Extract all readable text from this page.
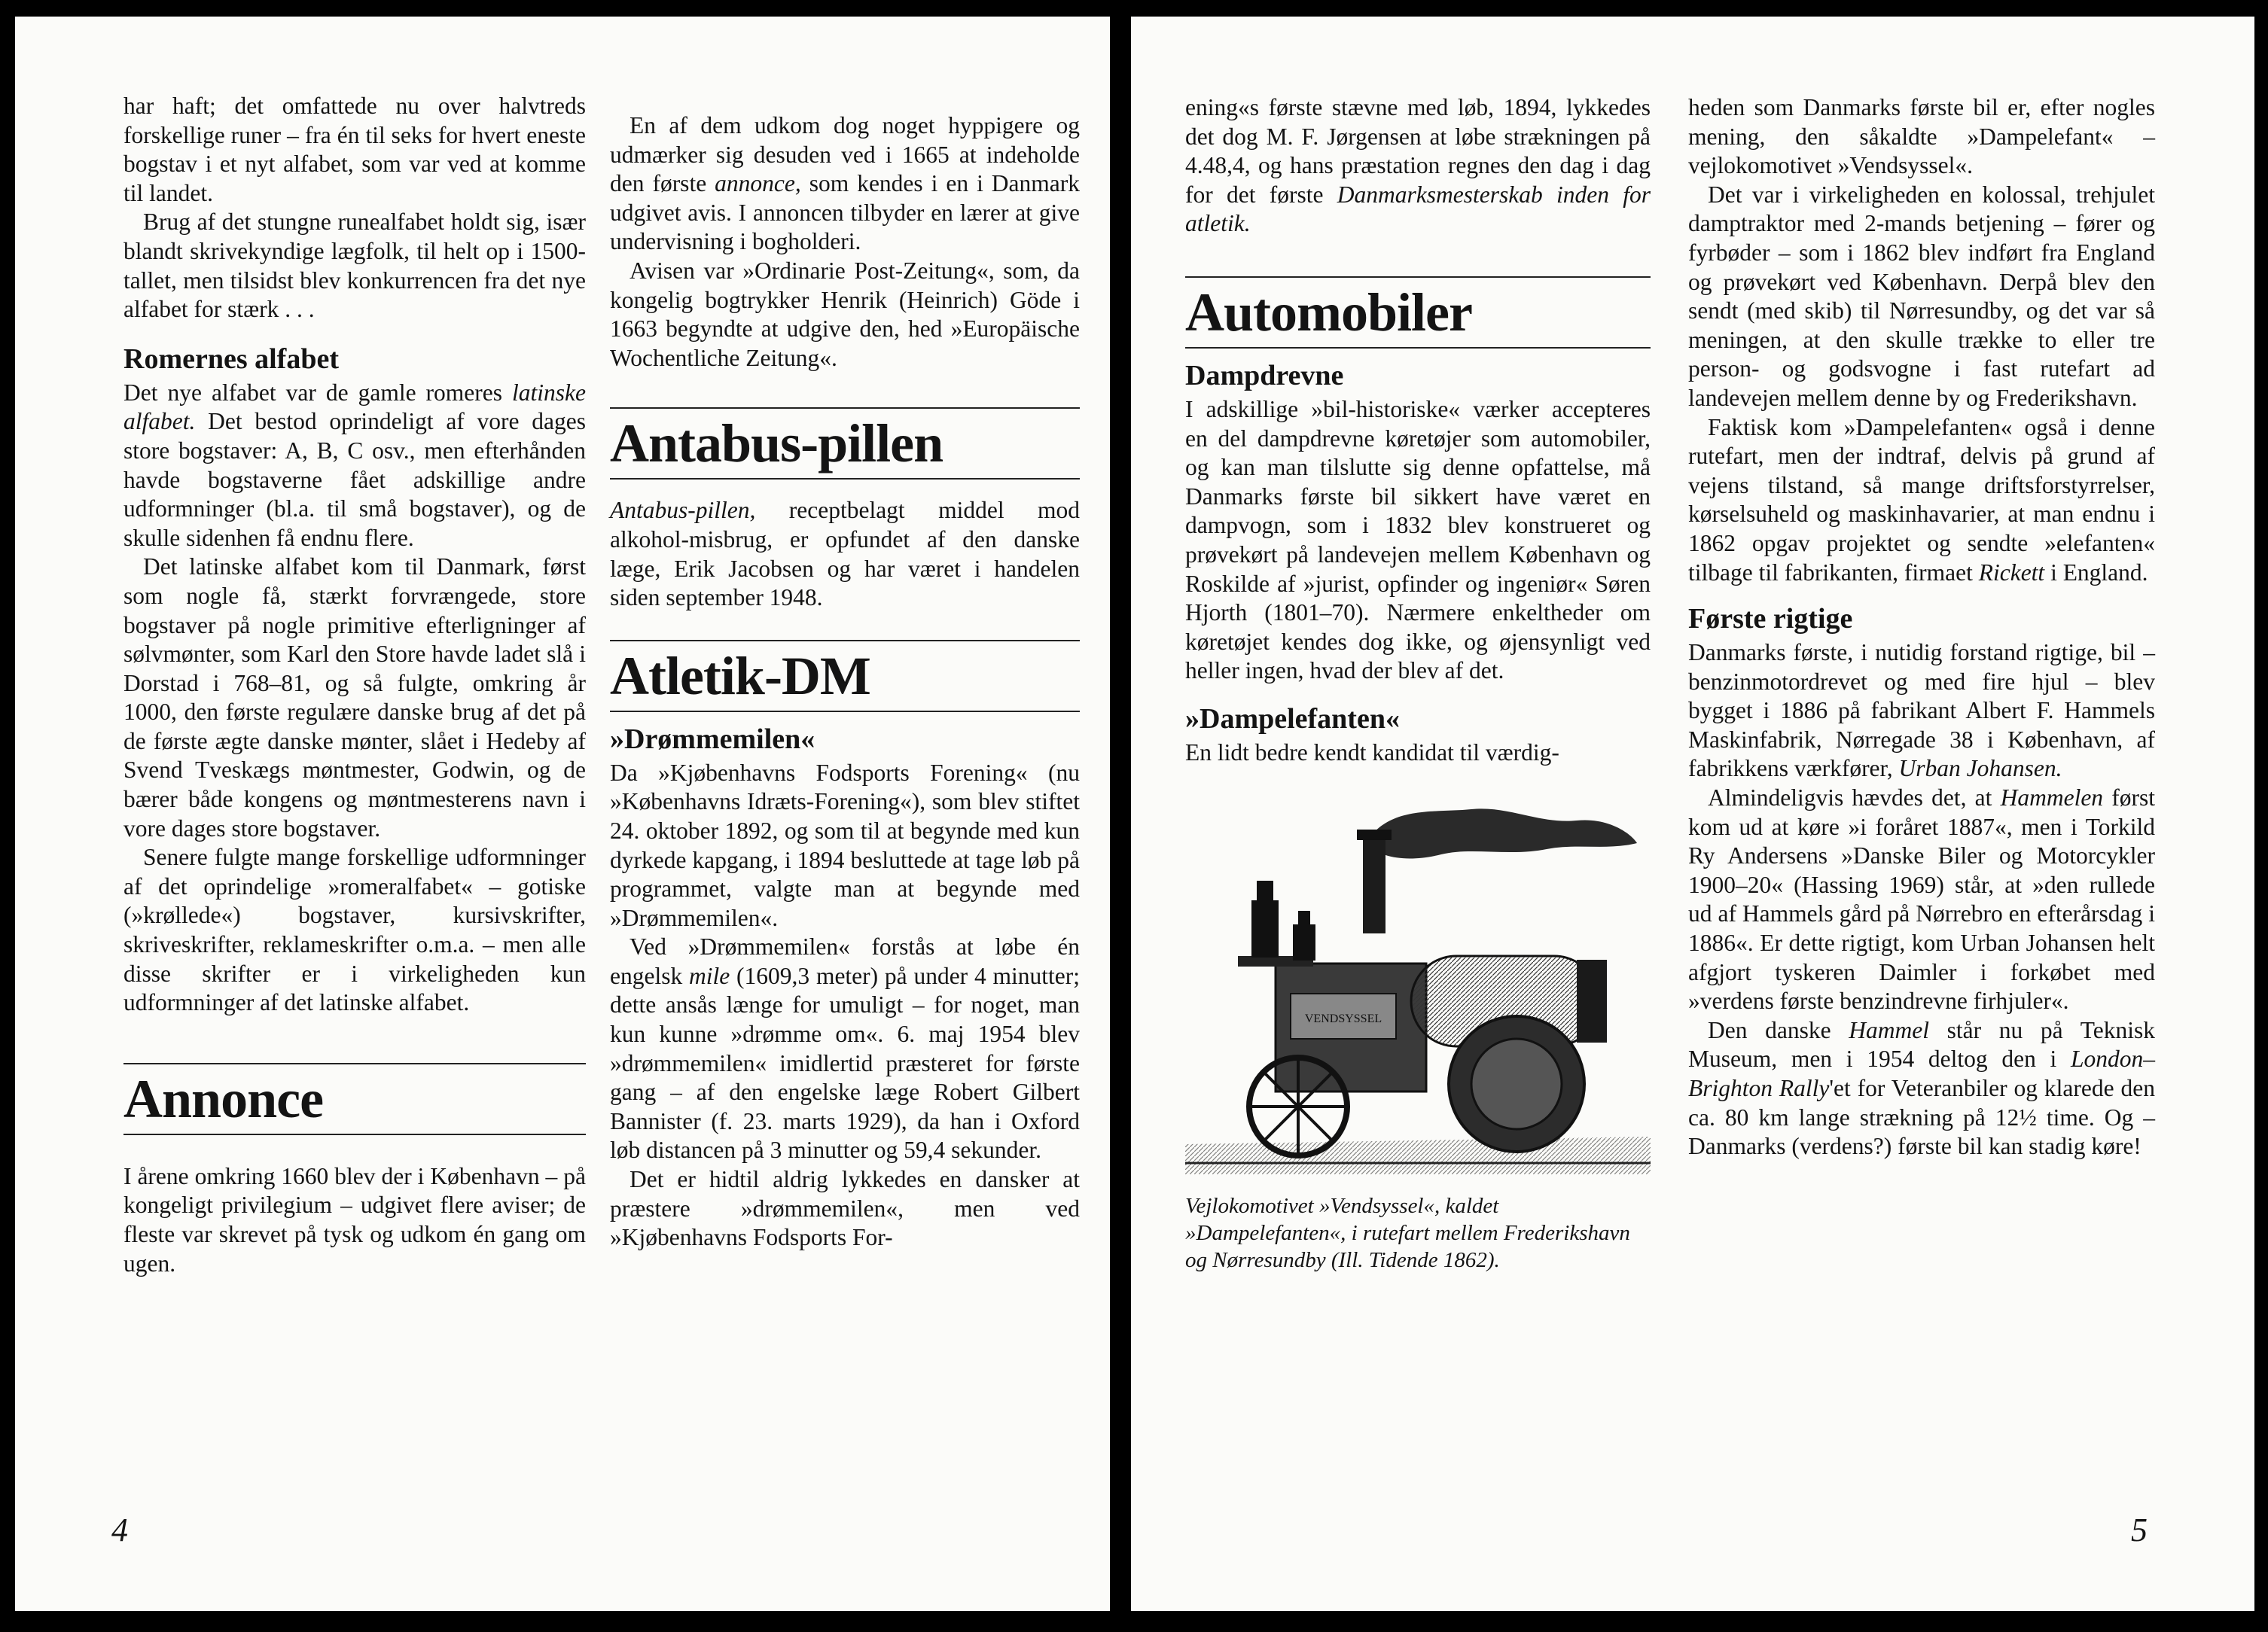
har haft; det omfattede nu over halvtreds forskellige runer – fra én til seks for hvert eneste bogstav i et nyt alfabet, som var ved at komme til landet.

Brug af det stungne runealfabet holdt sig, især blandt skrivekyndige lægfolk, til helt op i 1500-tallet, men tilsidst blev konkurrencen fra det nye alfabet for stærk . . .

Romernes alfabet

Det nye alfabet var de gamle romeres latinske alfabet. Det bestod oprindeligt af vore dages store bogstaver: A, B, C osv., men efterhånden havde bogstaverne fået adskillige andre udformninger (bl.a. til små bogstaver), og de skulle sidenhen få endnu flere.

Det latinske alfabet kom til Danmark, først som nogle få, stærkt forvrængede, store bogstaver på nogle primitive efterligninger af sølvmønter, som Karl den Store havde ladet slå i Dorstad i 768–81, og så fulgte, omkring år 1000, den første regulære danske brug af det på de første ægte danske mønter, slået i Hedeby af Svend Tveskægs møntmester, Godwin, og de bærer både kongens og møntmesterens navn i vore dages store bogstaver.

Senere fulgte mange forskellige udformninger af det oprindelige »romeralfabet« – gotiske (»krøllede«) bogstaver, kursivskrifter, skriveskrifter, reklameskrifter o.m.a. – men alle disse skrifter er i virkeligheden kun udformninger af det latinske alfabet.

Annonce

I årene omkring 1660 blev der i København – på kongeligt privilegium – udgivet flere aviser; de fleste var skrevet på tysk og udkom én gang om ugen.

En af dem udkom dog noget hyppigere og udmærker sig desuden ved i 1665 at indeholde den første annonce, som kendes i en i Danmark udgivet avis. I annoncen tilbyder en lærer at give undervisning i bogholderi.

Avisen var »Ordinarie Post-Zeitung«, som, da kongelig bogtrykker Henrik (Heinrich) Göde i 1663 begyndte at udgive den, hed »Europäische Wochentliche Zeitung«.

Antabus-pillen

Antabus-pillen, receptbelagt middel mod alkohol-misbrug, er opfundet af den danske læge, Erik Jacobsen og har været i handelen siden september 1948.

Atletik-DM
»Drømmemilen«

Da »Kjøbenhavns Fodsports Forening« (nu »Københavns Idræts-Forening«), som blev stiftet 24. oktober 1892, og som til at begynde med kun dyrkede kapgang, i 1894 besluttede at tage løb på programmet, valgte man at begynde med »Drømmemilen«.

Ved »Drømmemilen« forstås at løbe én engelsk mile (1609,3 meter) på under 4 minutter; dette ansås længe for umuligt – for noget, man kun kunne »drømme om«. 6. maj 1954 blev »drømmemilen« imidlertid præsteret for første gang – af den engelske læge Robert Gilbert Bannister (f. 23. marts 1929), da han i Oxford løb distancen på 3 minutter og 59,4 sekunder.

Det er hidtil aldrig lykkedes en dansker at præstere »drømmemilen«, men ved »Kjøbenhavns Fodsports For-

4

ening«s første stævne med løb, 1894, lykkedes det dog M. F. Jørgensen at løbe strækningen på 4.48,4, og hans præstation regnes den dag i dag for det første Danmarksmesterskab inden for atletik.

Automobiler
Dampdrevne

I adskillige »bil-historiske« værker accepteres en del dampdrevne køretøjer som automobiler, og kan man tilslutte sig denne opfattelse, må Danmarks første bil sikkert have været en dampvogn, som i 1832 blev konstrueret og prøvekørt på landevejen mellem København og Roskilde af »jurist, opfinder og ingeniør« Søren Hjorth (1801–70). Nærmere enkeltheder om køretøjet kendes dog ikke, og øjensynligt ved heller ingen, hvad der blev af det.

»Dampelefanten«

En lidt bedre kendt kandidat til værdig-

VENDSYSSEL

Vejlokomotivet »Vendsyssel«, kaldet »Dampelefanten«, i rutefart mellem Frederikshavn og Nørresundby (Ill. Tidende 1862).

heden som Danmarks første bil er, efter nogles mening, den såkaldte »Dampelefant« – vejlokomotivet »Vendsyssel«.

Det var i virkeligheden en kolossal, trehjulet damptraktor med 2-mands betjening – fører og fyrbøder – som i 1862 blev indført fra England og prøvekørt ved København. Derpå blev den sendt (med skib) til Nørresundby, og det var så meningen, at den skulle trække to eller tre person- og godsvogne i fast rutefart ad landevejen mellem denne by og Frederikshavn.

Faktisk kom »Dampelefanten« også i denne rutefart, men der indtraf, delvis på grund af vejens tilstand, så mange driftsforstyrrelser, kørselsuheld og maskinhavarier, at man endnu i 1862 opgav projektet og sendte »elefanten« tilbage til fabrikanten, firmaet Rickett i England.

Første rigtige

Danmarks første, i nutidig forstand rigtige, bil – benzinmotordrevet og med fire hjul – blev bygget i 1886 på fabrikant Albert F. Hammels Maskinfabrik, Nørregade 38 i København, af fabrikkens værkfører, Urban Johansen.

Almindeligvis hævdes det, at Hammelen først kom ud at køre »i foråret 1887«, men i Torkild Ry Andersens »Danske Biler og Motorcykler 1900–20« (Hassing 1969) står, at »den rullede ud af Hammels gård på Nørrebro en efterårsdag i 1886«. Er dette rigtigt, kom Urban Johansen helt afgjort tyskeren Daimler i forkøbet med »verdens første benzindrevne firhjuler«.

Den danske Hammel står nu på Teknisk Museum, men i 1954 deltog den i London–Brighton Rally'et for Veteranbiler og klarede den ca. 80 km lange strækning på 12½ time. Og – Danmarks (verdens?) første bil kan stadig køre!

5
